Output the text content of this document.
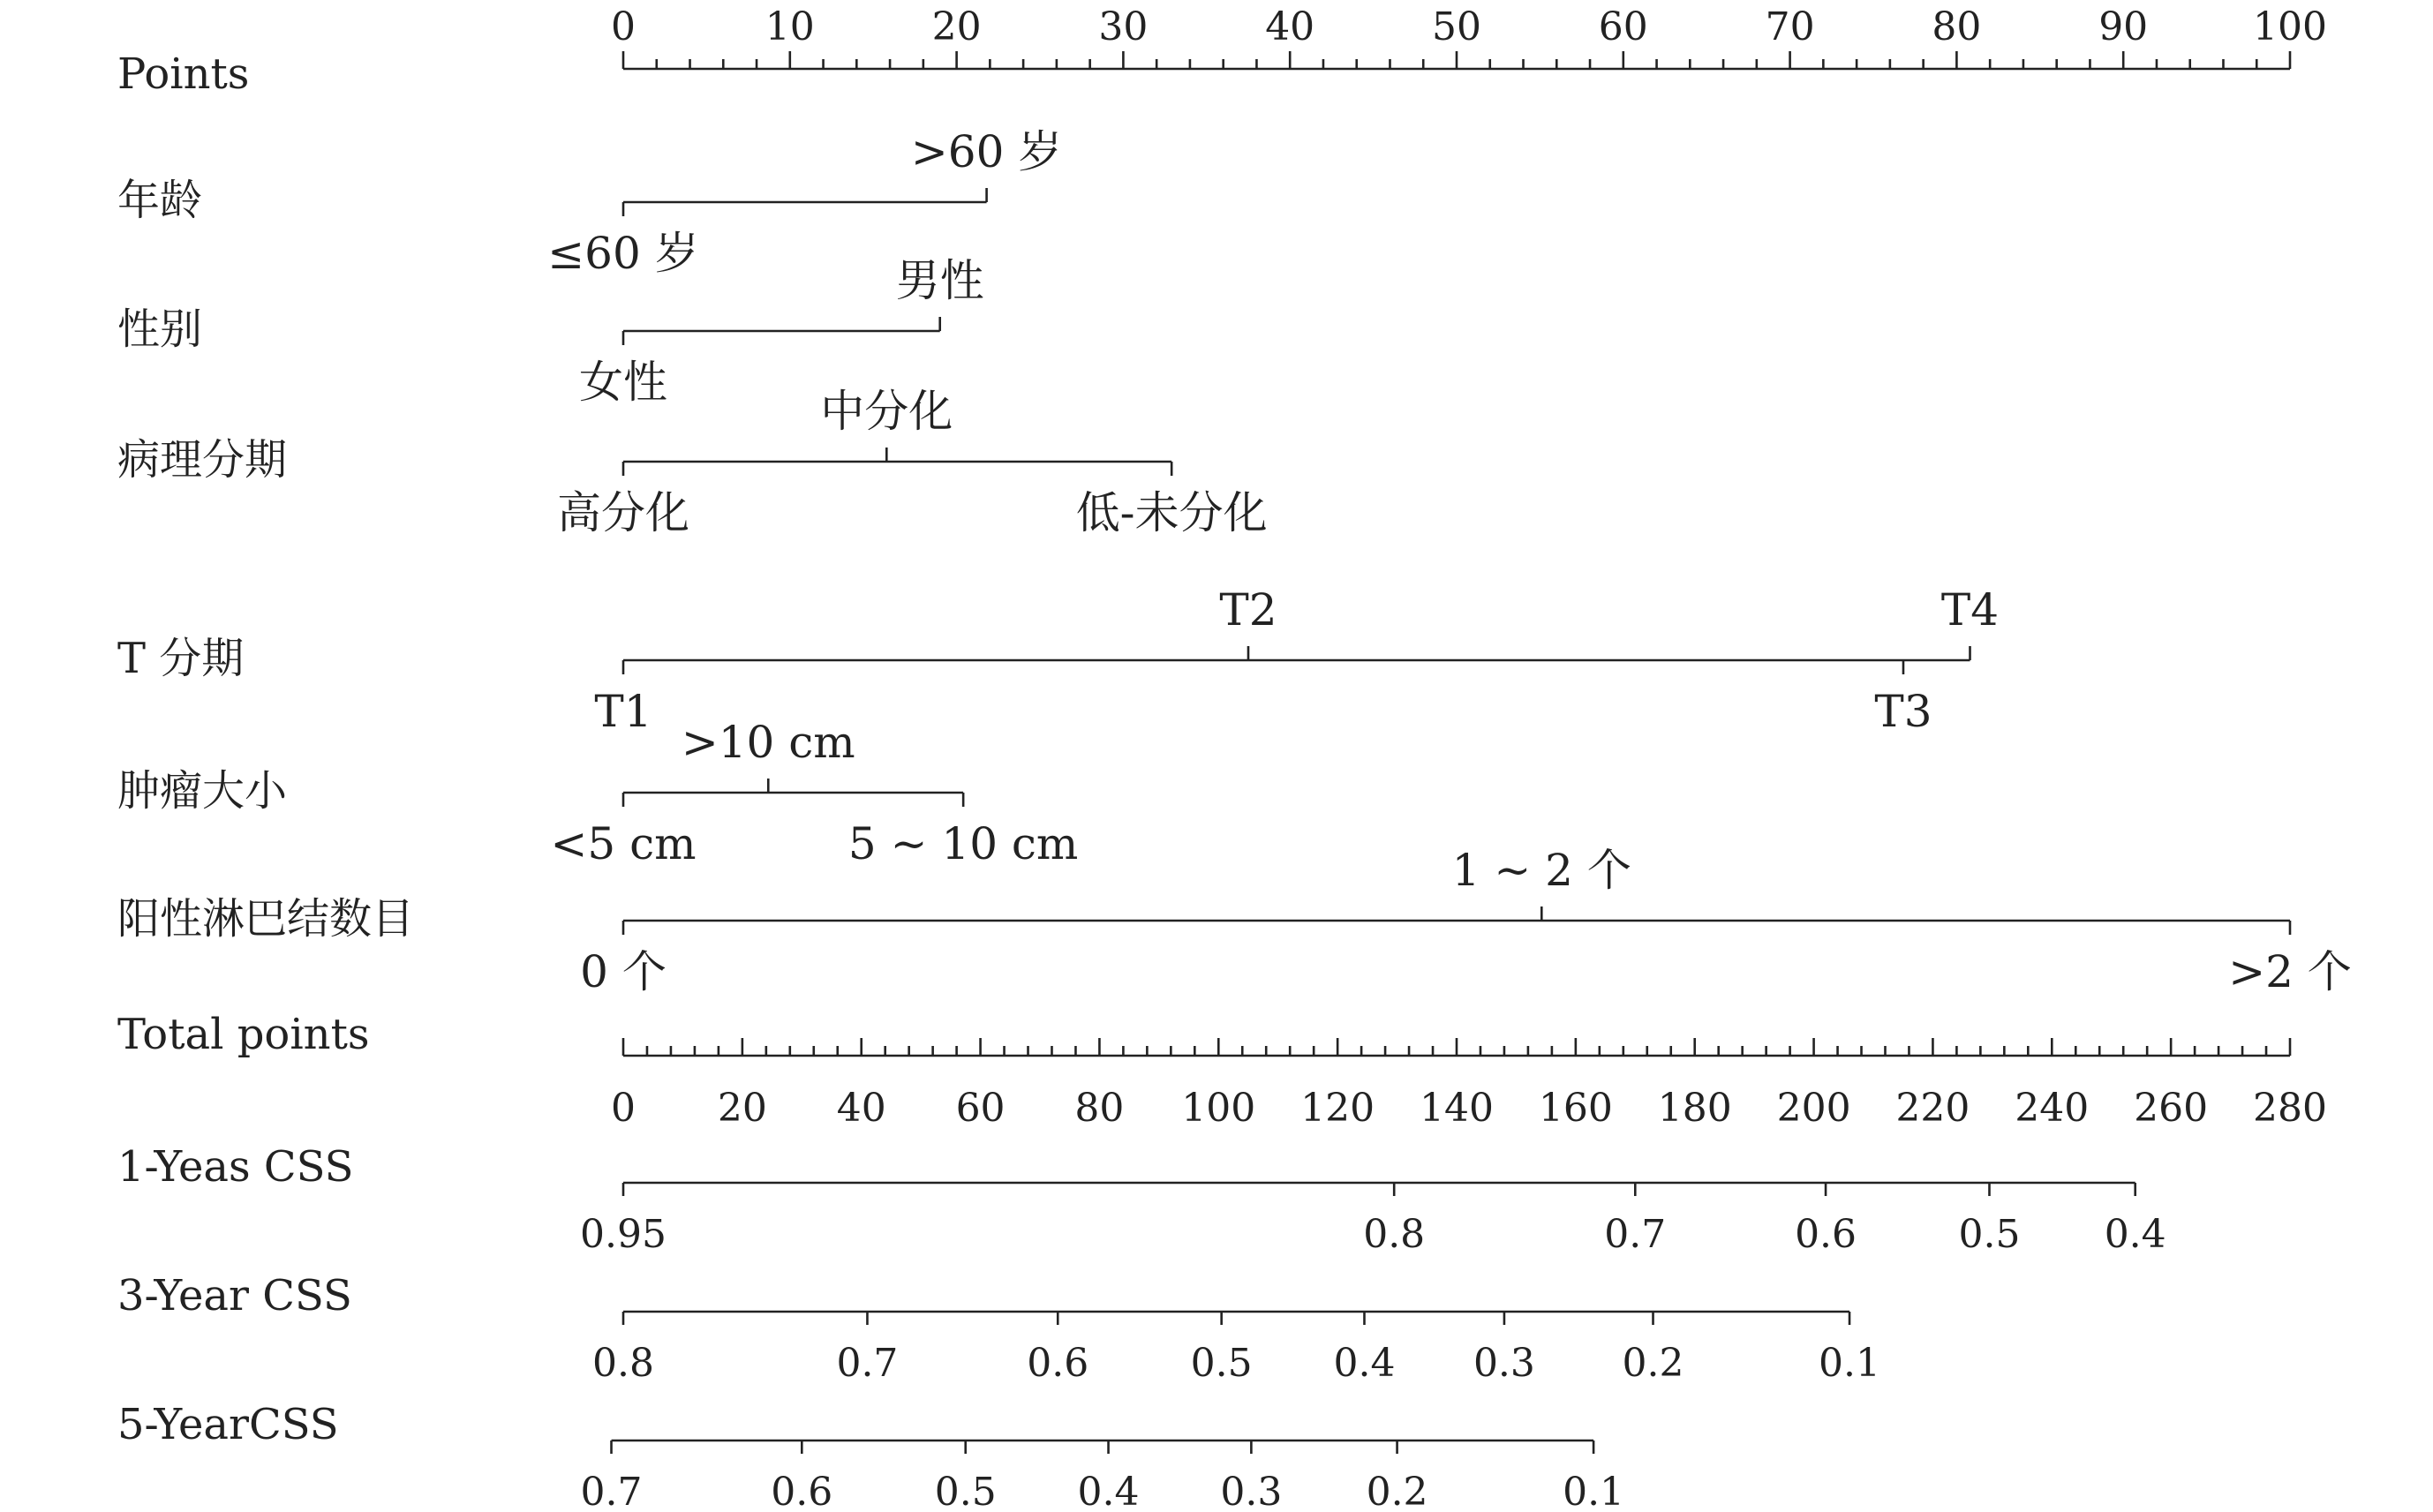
Points
0	10	20	30	40	50	60	70	80	90	100
年龄
≤60 岁
>60 岁
性别
女性
男性
病理分期
高分化
中分化
低-未分化
T 分期
T1
T2
T3
T4
肿瘤大小
<5 cm
>10 cm
5 ~ 10 cm
阳性淋巴结数目
0 个
1 ~ 2 个
>2 个
Total points
0 20 40 60 80 100 120 140 160 180 200 220 240 260 280
1-Yeas CSS
0.95	0.8	0.7	0.6	0.5 0.4
3-Year CSS
0.8	0.7	0.6	0.5 0.4 0.3 0.2	0.1
5-YearCSS
0.7	0.6	0.5 0.4 0.3 0.2	0.1
